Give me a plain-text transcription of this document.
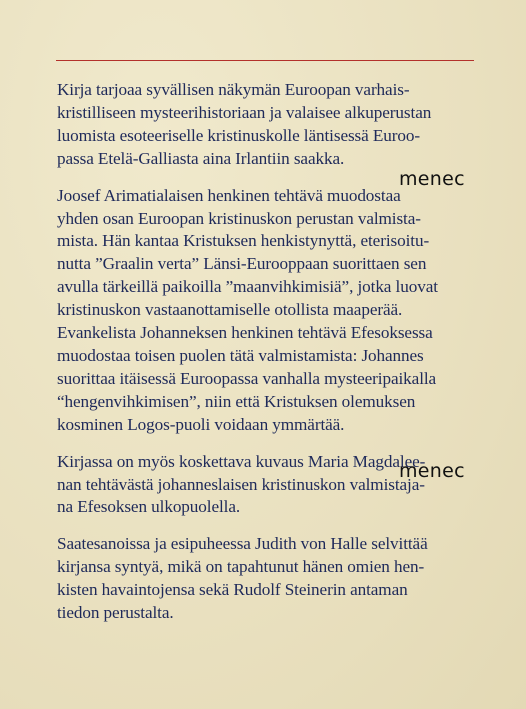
Kirja tarjoaa syvällisen näkymän Euroopan varhais-
kristilliseen mysteerihistoriaan ja valaisee alkuperustan
luomista esoteeriselle kristinuskolle läntisessä Euroo-
passa Etelä-Galliasta aina Irlantiin saakka.
Joosef Arimatialaisen henkinen tehtävä muodostaa
yhden osan Euroopan kristinuskon perustan valmista-
mista. Hän kantaa Kristuksen henkistynyttä, eterisoitu-
nutta ”Graalin verta” Länsi-Eurooppaan suorittaen sen
avulla tärkeillä paikoilla ”maanvihkimisiä”, jotka luovat
kristinuskon vastaanottamiselle otollista maaperää.
Evankelista Johanneksen henkinen tehtävä Efesoksessa
muodostaa toisen puolen tätä valmistamista: Johannes
suorittaa itäisessä Euroopassa vanhalla mysteeripaikalla
“hengenvihkimisen”, niin että Kristuksen olemuksen
kosminen Logos-puoli voidaan ymmärtää.
Kirjassa on myös koskettava kuvaus Maria Magdalee-
nan tehtävästä johanneslaisen kristinuskon valmistaja-
na Efesoksen ulkopuolella.
Saatesanoissa ja esipuheessa Judith von Halle selvittää
kirjansa syntyä, mikä on tapahtunut hänen omien hen-
kisten havaintojensa sekä Rudolf Steinerin antaman
tiedon perustalta.
menec
menec
